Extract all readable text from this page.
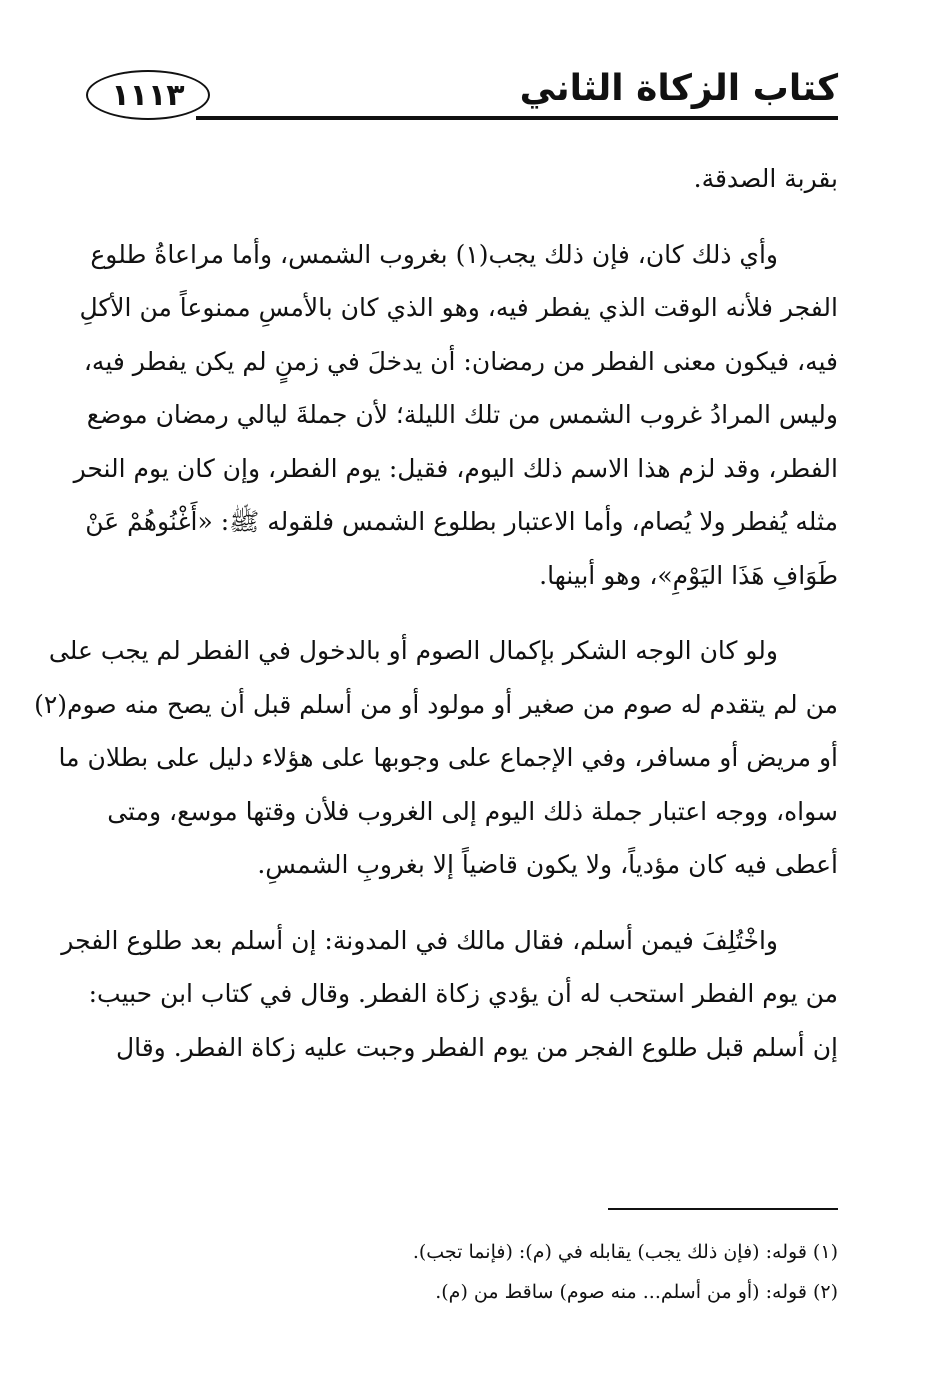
١١١٣	كتاب الزكاة الثاني

بقربة الصدقة.

وأي ذلك كان، فإن ذلك يجب(١) بغروب الشمس، وأما مراعاةُ طلوع
الفجر فلأنه الوقت الذي يفطر فيه، وهو الذي كان بالأمسِ ممنوعاً من الأكلِ
فيه، فيكون معنى الفطر من رمضان: أن يدخلَ في زمنٍ لم يكن يفطر فيه،
وليس المرادُ غروب الشمس من تلك الليلة؛ لأن جملةَ ليالي رمضان موضع
الفطر، وقد لزم هذا الاسم ذلك اليوم، فقيل: يوم الفطر، وإن كان يوم النحر
مثله يُفطر ولا يُصام، وأما الاعتبار بطلوع الشمس فلقوله ﷺ: «أَغْنُوهُمْ عَنْ
طَوَافِ هَذَا اليَوْمِ»، وهو أبينها.

ولو كان الوجه الشكر بإكمال الصوم أو بالدخول في الفطر لم يجب على
من لم يتقدم له صوم من صغير أو مولود أو من أسلم قبل أن يصح منه صوم(٢)
أو مريض أو مسافر، وفي الإجماع على وجوبها على هؤلاء دليل على بطلان ما
سواه، ووجه اعتبار جملة ذلك اليوم إلى الغروب فلأن وقتها موسع، ومتى
أعطى فيه كان مؤدياً، ولا يكون قاضياً إلا بغروبِ الشمسِ.

واخْتُلِفَ فيمن أسلم، فقال مالك في المدونة: إن أسلم بعد طلوع الفجر
من يوم الفطر استحب له أن يؤدي زكاة الفطر. وقال في كتاب ابن حبيب:
إن أسلم قبل طلوع الفجر من يوم الفطر وجبت عليه زكاة الفطر. وقال

(١) قوله: (فإن ذلك يجب) يقابله في (م): (فإنما تجب).
(٢) قوله: (أو من أسلم... منه صوم) ساقط من (م).
